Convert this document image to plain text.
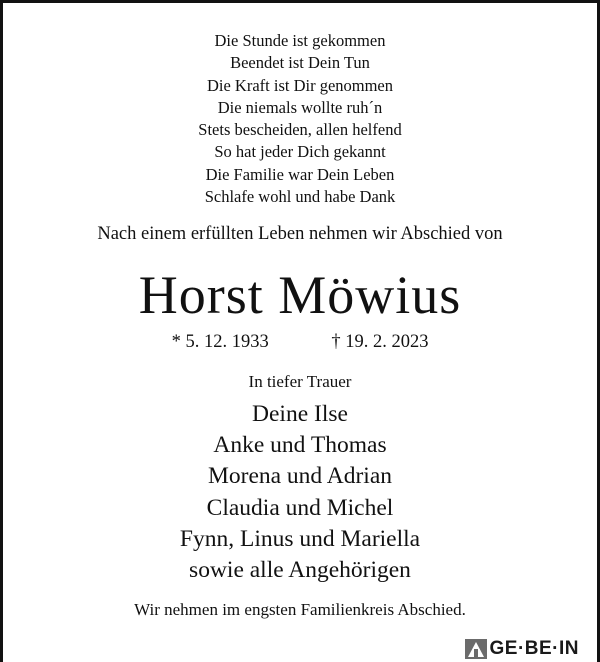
Die Stunde ist gekommen
Beendet ist Dein Tun
Die Kraft ist Dir genommen
Die niemals wollte ruh´n
Stets bescheiden, allen helfend
So hat jeder Dich gekannt
Die Familie war Dein Leben
Schlafe wohl und habe Dank
Nach einem erfüllten Leben nehmen wir Abschied von
Horst Möwius
* 5. 12. 1933	† 19. 2. 2023
In tiefer Trauer
Deine Ilse
Anke und Thomas
Morena und Adrian
Claudia und Michel
Fynn, Linus und Mariella
sowie alle Angehörigen
Wir nehmen im engsten Familienkreis Abschied.
GE·BE·IN
